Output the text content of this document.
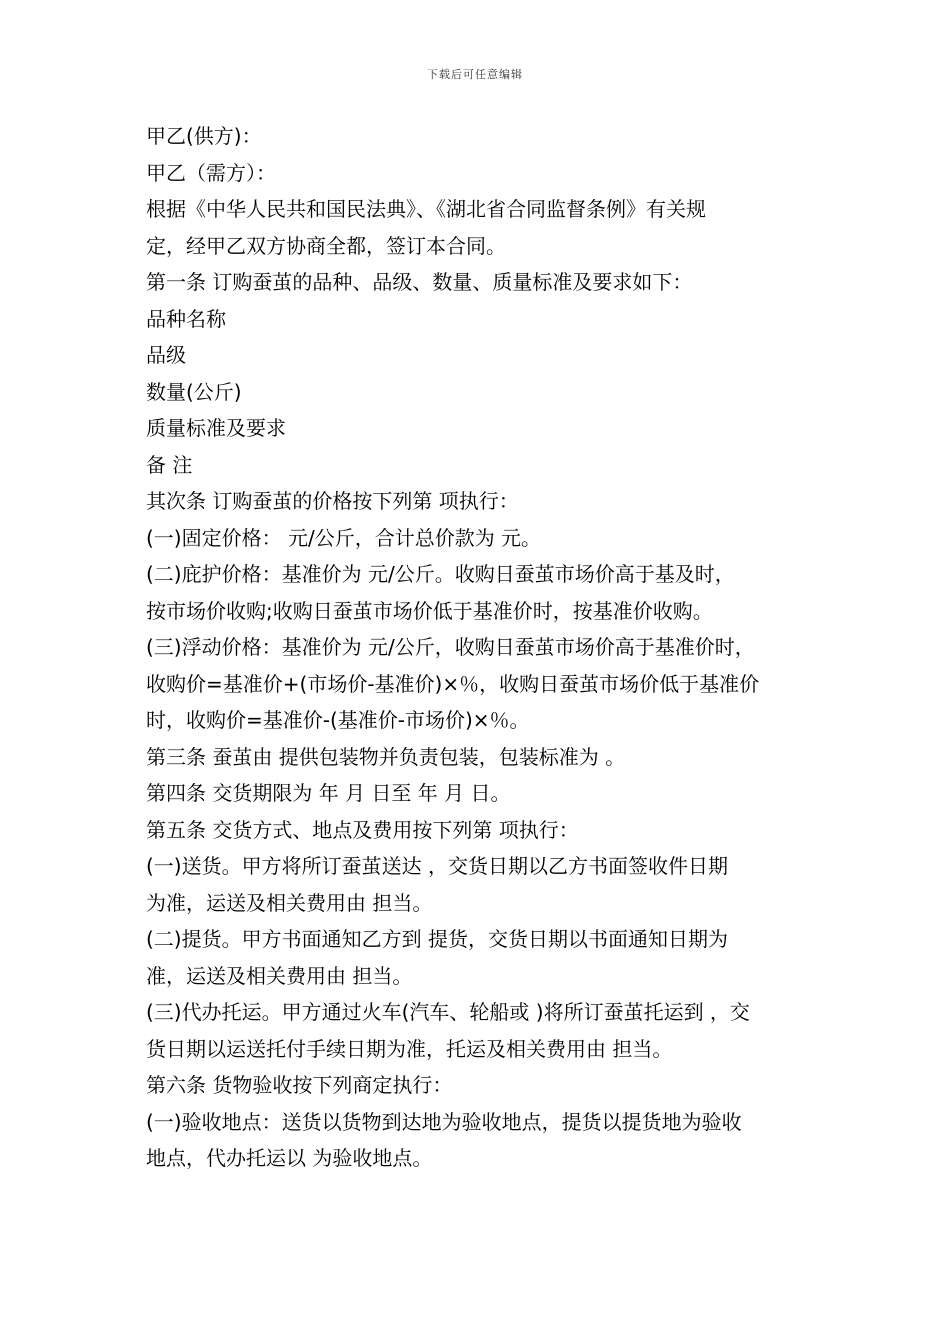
下载后可任意编辑
甲乙(供方)：
甲乙（需方）：
根据《中华人民共和国民法典》、《湖北省合同监督条例》有关规
定，经甲乙双方协商全都，签订本合同。
第一条 订购蚕茧的品种、品级、数量、质量标准及要求如下：
品种名称
品级
数量(公斤)
质量标准及要求
备 注
其次条 订购蚕茧的价格按下列第 项执行：
(一)固定价格： 元/公斤，合计总价款为 元。
(二)庇护价格：基准价为 元/公斤。收购日蚕茧市场价高于基及时，
按市场价收购;收购日蚕茧市场价低于基准价时，按基准价收购。
(三)浮动价格：基准价为 元/公斤，收购日蚕茧市场价高于基准价时，
收购价=基准价+(市场价-基准价)×％，收购日蚕茧市场价低于基准价
时，收购价=基准价-(基准价-市场价)×％。
第三条 蚕茧由 提供包装物并负责包装，包装标准为 。
第四条 交货期限为 年 月 日至 年 月 日。
第五条 交货方式、地点及费用按下列第 项执行：
(一)送货。甲方将所订蚕茧送达 ，交货日期以乙方书面签收件日期
为准，运送及相关费用由 担当。
(二)提货。甲方书面通知乙方到 提货，交货日期以书面通知日期为
准，运送及相关费用由 担当。
(三)代办托运。甲方通过火车(汽车、轮船或 )将所订蚕茧托运到 ，交
货日期以运送托付手续日期为准，托运及相关费用由 担当。
第六条 货物验收按下列商定执行：
(一)验收地点：送货以货物到达地为验收地点，提货以提货地为验收
地点，代办托运以 为验收地点。
